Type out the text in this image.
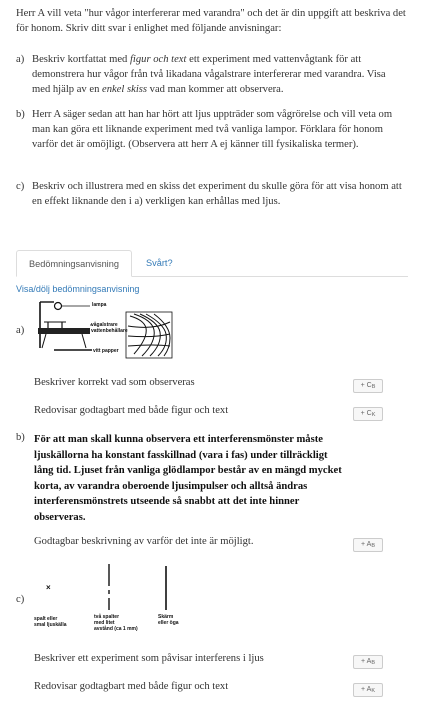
Herr A vill veta "hur vågor interfererar med varandra" och det är din uppgift att beskriva det för honom. Skriv ditt svar i enlighet med följande anvisningar:
a) Beskriv kortfattat med figur och text ett experiment med vattenvågtank för att demonstrera hur vågor från två likadana vågalstrare interfererar med varandra. Visa med hjälp av en enkel skiss vad man kommer att observera.
b) Herr A säger sedan att han har hört att ljus uppträder som vågrörelse och vill veta om man kan göra ett liknande experiment med två vanliga lampor. Förklara för honom varför det är omöjligt. (Observera att herr A ej känner till fysikaliska termer).
c) Beskriv och illustrera med en skiss det experiment du skulle göra för att visa honom att en effekt liknande den i a) verkligen kan erhållas med ljus.
Bedömningsanvisning	Svårt?
Visa/dölj bedömningsanvisning
a)
lampa
vågalstrare
vattenbehållare
vitt papper
Beskriver korrekt vad som observeras	+ $C_B$
Redovisar godtagbart med både figur och text	+ $C_K$
b) För att man skall kunna observera ett interferensmönster måste ljuskällorna ha konstant fasskillnad (vara i fas) under tillräckligt lång tid. Ljuset från vanliga glödlampor består av en mängd mycket korta, av varandra oberoende ljusimpulser och alltså ändras interferensmönstrets utseende så snabbt att det inte hinner observeras.
Godtagbar beskrivning av varför det inte är möjligt.	+ $A_B$
c)
×
spalt eller
smal ljuskälla
två spalter
med litet
avstånd (ca 1 mm)
Skärm
eller öga
Beskriver ett experiment som påvisar interferens i ljus	+ $A_B$
Redovisar godtagbart med både figur och text	+ $A_K$
